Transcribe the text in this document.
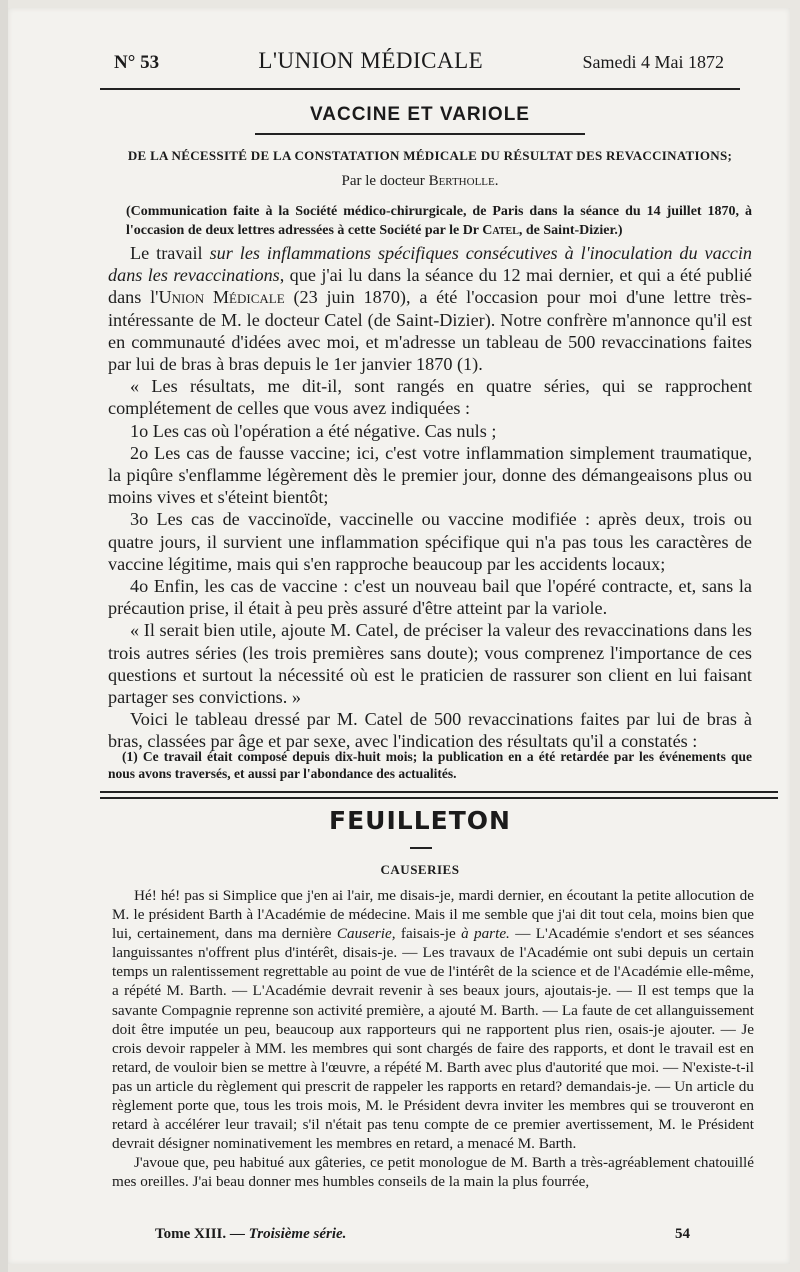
N° 53	L'UNION MÉDICALE	Samedi 4 Mai 1872
VACCINE ET VARIOLE
DE LA NÉCESSITÉ DE LA CONSTATATION MÉDICALE DU RÉSULTAT DES REVACCINATIONS;
Par le docteur Bertholle.
(Communication faite à la Société médico-chirurgicale, de Paris dans la séance du 14 juillet 1870, à l'occasion de deux lettres adressées à cette Société par le Dr Catel, de Saint-Dizier.)

Le travail sur les inflammations spécifiques consécutives à l'inoculation du vaccin dans les revaccinations, que j'ai lu dans la séance du 12 mai dernier, et qui a été publié dans l'Union Médicale (23 juin 1870), a été l'occasion pour moi d'une lettre très-intéressante de M. le docteur Catel (de Saint-Dizier). Notre confrère m'annonce qu'il est en communauté d'idées avec moi, et m'adresse un tableau de 500 revaccinations faites par lui de bras à bras depuis le 1er janvier 1870 (1).

« Les résultats, me dit-il, sont rangés en quatre séries, qui se rapprochent complétement de celles que vous avez indiquées :

1o Les cas où l'opération a été négative. Cas nuls ;

2o Les cas de fausse vaccine; ici, c'est votre inflammation simplement traumatique, la piqûre s'enflamme légèrement dès le premier jour, donne des démangeaisons plus ou moins vives et s'éteint bientôt;

3o Les cas de vaccinoïde, vaccinelle ou vaccine modifiée : après deux, trois ou quatre jours, il survient une inflammation spécifique qui n'a pas tous les caractères de vaccine légitime, mais qui s'en rapproche beaucoup par les accidents locaux;

4o Enfin, les cas de vaccine : c'est un nouveau bail que l'opéré contracte, et, sans la précaution prise, il était à peu près assuré d'être atteint par la variole.

« Il serait bien utile, ajoute M. Catel, de préciser la valeur des revaccinations dans les trois autres séries (les trois premières sans doute); vous comprenez l'importance de ces questions et surtout la nécessité où est le praticien de rassurer son client en lui faisant partager ses convictions. »

Voici le tableau dressé par M. Catel de 500 revaccinations faites par lui de bras à bras, classées par âge et par sexe, avec l'indication des résultats qu'il a constatés :

(1) Ce travail était composé depuis dix-huit mois; la publication en a été retardée par les événements que nous avons traversés, et aussi par l'abondance des actualités.

FEUILLETON
CAUSERIES

Hé! hé! pas si Simplice que j'en ai l'air, me disais-je, mardi dernier, en écoutant la petite allocution de M. le président Barth à l'Académie de médecine. Mais il me semble que j'ai dit tout cela, moins bien que lui, certainement, dans ma dernière Causerie, faisais-je à parte. — L'Académie s'endort et ses séances languissantes n'offrent plus d'intérêt, disais-je. — Les travaux de l'Académie ont subi depuis un certain temps un ralentissement regrettable au point de vue de l'intérêt de la science et de l'Académie elle-même, a répété M. Barth. — L'Académie devrait revenir à ses beaux jours, ajoutais-je. — Il est temps que la savante Compagnie reprenne son activité première, a ajouté M. Barth. — La faute de cet allanguissement doit être imputée un peu, beaucoup aux rapporteurs qui ne rapportent plus rien, osais-je ajouter. — Je crois devoir rappeler à MM. les membres qui sont chargés de faire des rapports, et dont le travail est en retard, de vouloir bien se mettre à l'œuvre, a répété M. Barth avec plus d'autorité que moi. — N'existe-t-il pas un article du règlement qui prescrit de rappeler les rapports en retard? demandais-je. — Un article du règlement porte que, tous les trois mois, M. le Président devra inviter les membres qui se trouveront en retard à accélérer leur travail; s'il n'était pas tenu compte de ce premier avertissement, M. le Président devrait désigner nominativement les membres en retard, a menacé M. Barth.

J'avoue que, peu habitué aux gâteries, ce petit monologue de M. Barth a très-agréablement chatouillé mes oreilles. J'ai beau donner mes humbles conseils de la main la plus fourrée,

Tome XIII. — Troisième série.	54
